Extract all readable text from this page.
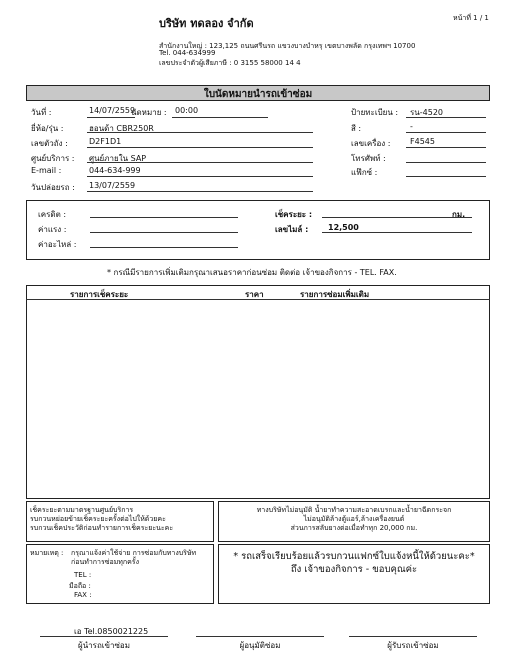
หน้าที่ 1 / 1
บริษัท ทดลอง จำกัด
สำนักงานใหญ่ : 123,125 ถนนศรีนรถ แขวงบางบำหรุ เขตบางพลัด กรุงเทพฯ 10700
Tel. 044-634999
เลขประจำตัวผู้เสียภาษี : 0 3155 58000 14 4
ใบนัดหมายนำรถเข้าซ่อม
วันที่ :	14/07/2559
นัดหมาย : 00:00
ยี่ห้อ/รุ่น :	ฮอนด้า CBR250R
เลขตัวถัง :	D2F1D1
ศูนย์บริการ : ศูนย์ภายใน SAP
E-mail :	044-634-999
วันปล่อยรถ : 13/07/2559
ป้ายทะเบียน : รน-4520
สี :	-
เลขเครื่อง : F4545
โทรศัพท์ :
แฟ๊กซ์ :
เครดิต :
ค่าแรง :
ค่าอะไหล่ :
เช็คระยะ :	กม.
เลขไมล์ : 12,500
* กรณีมีรายการเพิ่มเติมกรุณาเสนอราคาก่อนซ่อม ติดต่อ เจ้าของกิจการ - TEL. FAX.
รายการเช็คระยะ	ราคา	รายการซ่อมเพิ่มเติม
เช็คระยะตามมาตรฐานศูนย์บริการ
รบกวนหย่อยข้ายเช็คระยะครั้งต่อไปให้ด้วยคะ
รบกวนเช็คประวัติก่อนทำรายการเช็คระยะนะคะ
ทางบริษัทไม่อนุมัติ น้ำยาทำความสะอาดเบรกและน้ำยาฉีดกระจก
ไม่อนุมัติล้างตู้แอร์,ล้างเครื่องยนต์
ส่วนการสลับยางต่อเมื่อทำทุก 20,000 กม.
หมายเหตุ : กรุณาแจ้งค่าใช้จ่าย การซ่อมกับทางบริษัท
ก่อนทำการซ่อมทุกครั้ง
TEL :
มือถือ :
FAX :
* รถเสร็จเรียบร้อยแล้วรบกวนแฟกซ์ใบแจ้งหนี้ให้ด้วยนะคะ*
ถึง เจ้าของกิจการ - ขอบคุณค่ะ
เอ Tel.0850021225
ผู้นำรถเข้าซ่อม	ผู้อนุมัติซ่อม	ผู้รับรถเข้าซ่อม
